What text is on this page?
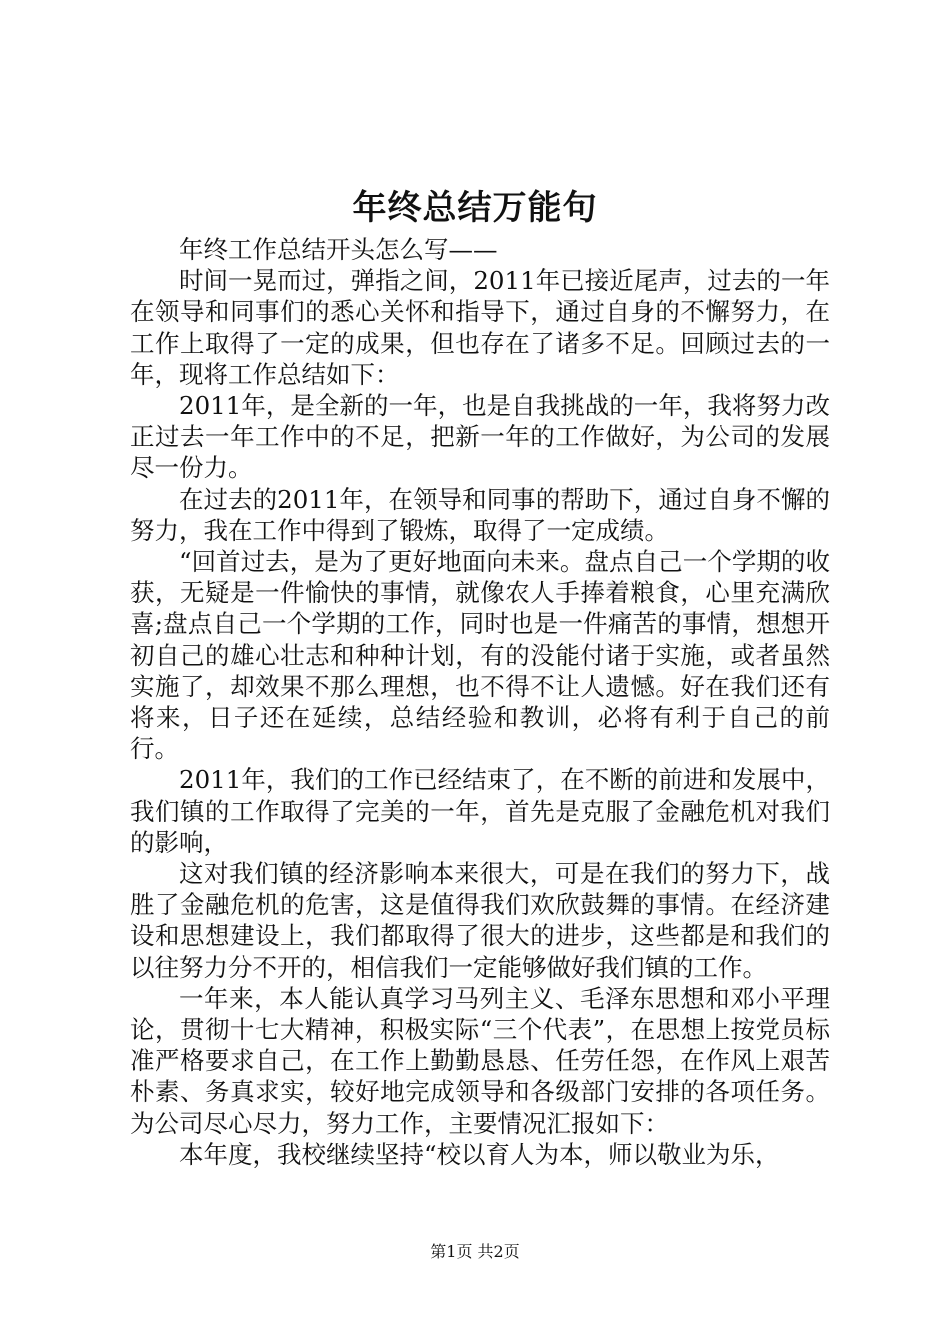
年终总结万能句

年终工作总结开头怎么写——

时间一晃而过，弹指之间，2011年已接近尾声，过去的一年在领导和同事们的悉心关怀和指导下，通过自身的不懈努力，在工作上取得了一定的成果，但也存在了诸多不足。回顾过去的一年，现将工作总结如下：

2011年，是全新的一年，也是自我挑战的一年，我将努力改正过去一年工作中的不足，把新一年的工作做好，为公司的发展尽一份力。

在过去的2011年，在领导和同事的帮助下，通过自身不懈的努力，我在工作中得到了锻炼，取得了一定成绩。

“回首过去，是为了更好地面向未来。盘点自己一个学期的收获，无疑是一件愉快的事情，就像农人手捧着粮食，心里充满欣喜;盘点自己一个学期的工作，同时也是一件痛苦的事情，想想开初自己的雄心壮志和种种计划，有的没能付诸于实施，或者虽然实施了，却效果不那么理想，也不得不让人遗憾。好在我们还有将来，日子还在延续，总结经验和教训，必将有利于自己的前行。

2011年，我们的工作已经结束了，在不断的前进和发展中，我们镇的工作取得了完美的一年，首先是克服了金融危机对我们的影响，

这对我们镇的经济影响本来很大，可是在我们的努力下，战胜了金融危机的危害，这是值得我们欢欣鼓舞的事情。在经济建设和思想建设上，我们都取得了很大的进步，这些都是和我们的以往努力分不开的，相信我们一定能够做好我们镇的工作。

一年来，本人能认真学习马列主义、毛泽东思想和邓小平理论，贯彻十七大精神，积极实际“三个代表”，在思想上按党员标准严格要求自己，在工作上勤勤恳恳、任劳任怨，在作风上艰苦朴素、务真求实，较好地完成领导和各级部门安排的各项任务。为公司尽心尽力，努力工作，主要情况汇报如下：

本年度，我校继续坚持“校以育人为本，师以敬业为乐，

第1页 共2页
